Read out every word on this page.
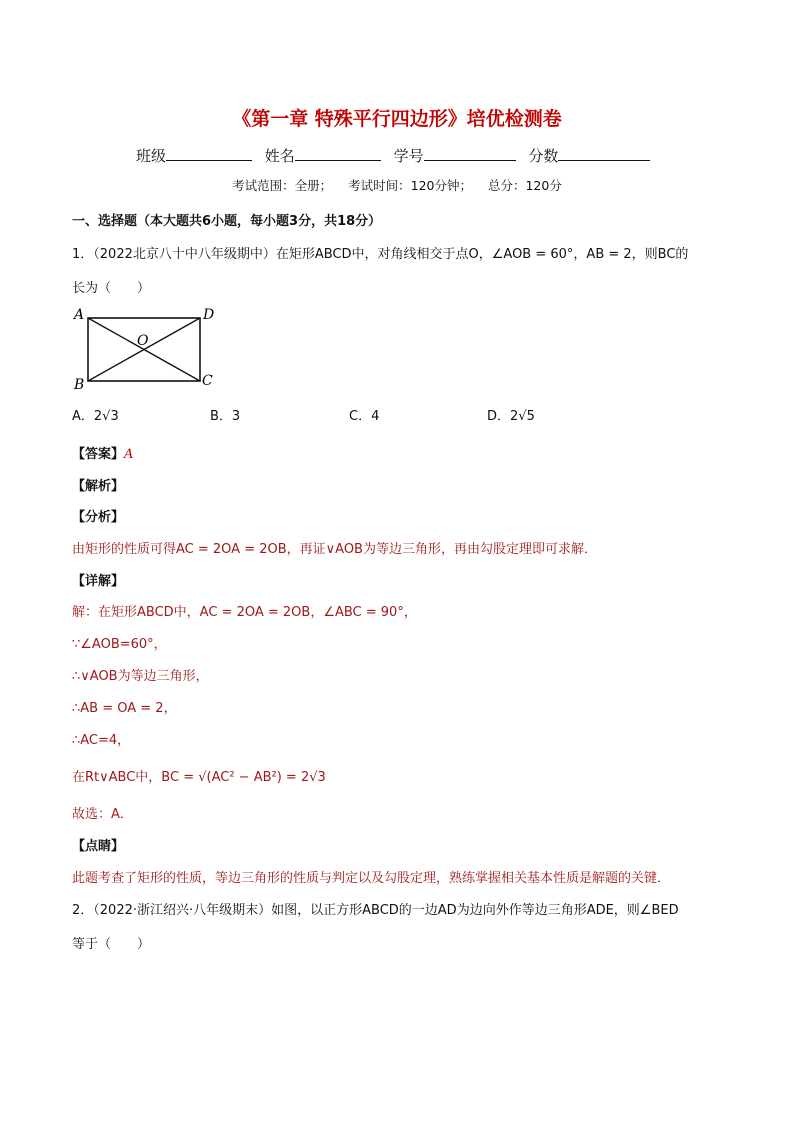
《第一章 特殊平行四边形》培优检测卷
班级	姓名	学号	分数
考试范围：全册； 考试时间：120分钟； 总分：120分
一、选择题（本大题共6小题，每小题3分，共18分）
1．（2022北京八十中八年级期中）在矩形ABCD中，对角线相交于点O，∠AOB = 60°，AB = 2，则BC的
长为（　　）
A	D
B	C
O
A．2√3	B．3	C．4	D．2√5
【答案】A
【解析】
【分析】
由矩形的性质可得AC = 2OA = 2OB，再证∨AOB为等边三角形，再由勾股定理即可求解．
【详解】
解：在矩形ABCD中，AC = 2OA = 2OB，∠ABC = 90°，
∵∠AOB=60°，
∴∨AOB为等边三角形，
∴AB = OA = 2，
∴AC=4，
在Rt∨ABC中，BC = √(AC² − AB²) = 2√3
故选：A．
【点睛】
此题考查了矩形的性质，等边三角形的性质与判定以及勾股定理，熟练掌握相关基本性质是解题的关键．
2．（2022·浙江绍兴·八年级期末）如图，以正方形ABCD的一边AD为边向外作等边三角形ADE，则∠BED
等于（　　）
